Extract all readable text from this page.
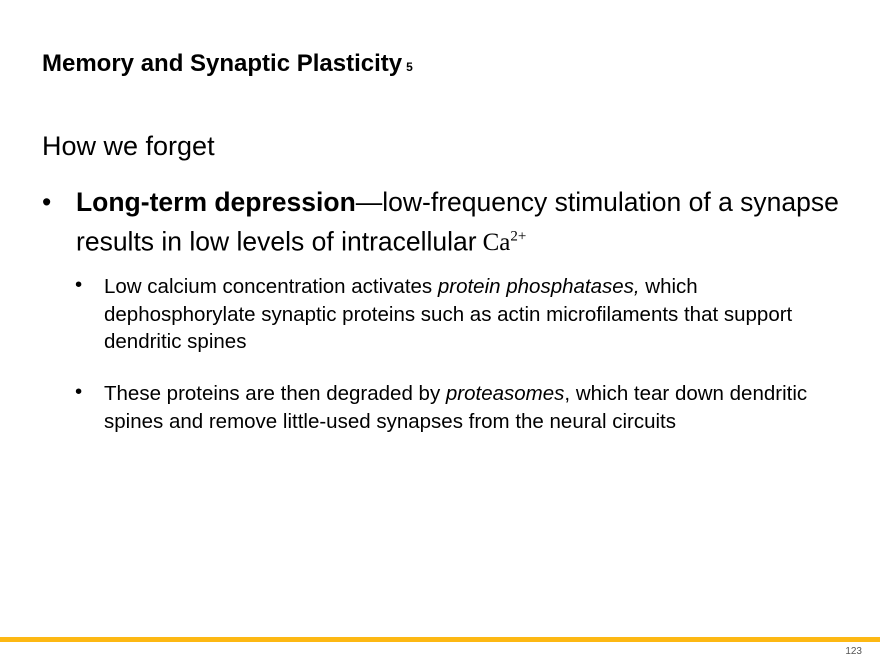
Memory and Synaptic Plasticity 5
How we forget
• Long-term depression—low-frequency stimulation of a synapse results in low levels of intracellular $Ca^{2+}$
• Low calcium concentration activates protein phosphatases, which dephosphorylate synaptic proteins such as actin microfilaments that support dendritic spines
• These proteins are then degraded by proteasomes, which tear down dendritic spines and remove little-used synapses from the neural circuits
123
